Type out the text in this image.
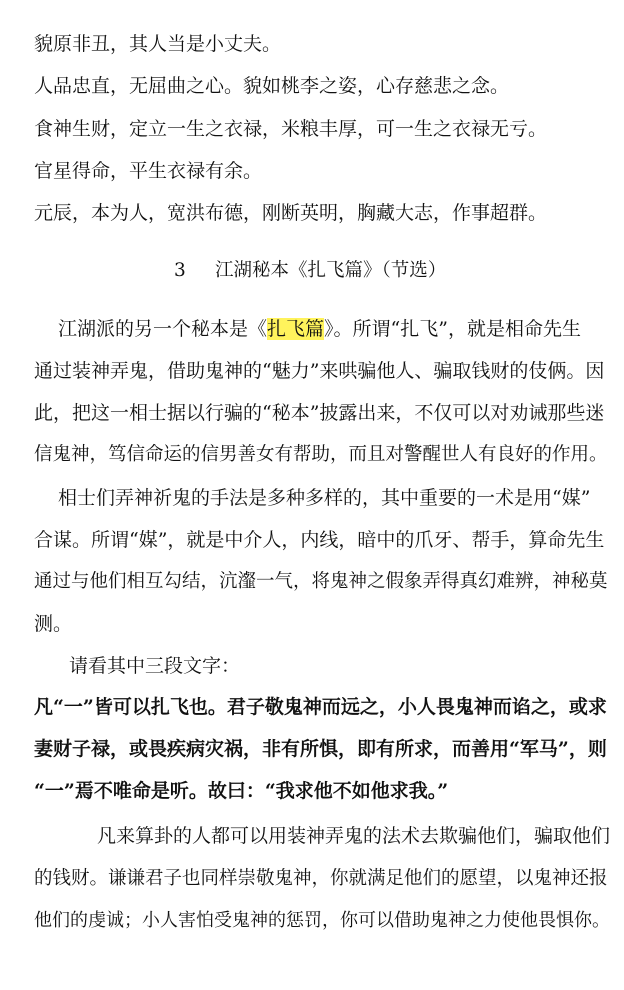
貌原非丑，其人当是小丈夫。
人品忠直，无屈曲之心。貌如桃李之姿，心存慈悲之念。
食神生财，定立一生之衣禄，米粮丰厚，可一生之衣禄无亏。
官星得命，平生衣禄有余。
元辰，本为人，宽洪布德，刚断英明，胸藏大志，作事超群。
3 江湖秘本《扎飞篇》（节选）
江湖派的另一个秘本是《扎飞篇》。所谓“扎飞”，就是相命先生
通过装神弄鬼，借助鬼神的“魅力”来哄骗他人、骗取钱财的伎俩。因
此，把这一相士据以行骗的“秘本”披露出来，不仅可以对劝诫那些迷
信鬼神，笃信命运的信男善女有帮助，而且对警醒世人有良好的作用。
相士们弄神祈鬼的手法是多种多样的，其中重要的一术是用“媒”
合谋。所谓“媒”，就是中介人，内线，暗中的爪牙、帮手，算命先生
通过与他们相互勾结，沆瀣一气，将鬼神之假象弄得真幻难辨，神秘莫
测。
请看其中三段文字：
凡“一”皆可以扎飞也。君子敬鬼神而远之，小人畏鬼神而谄之，或求
妻财子禄，或畏疾病灾祸，非有所惧，即有所求，而善用“军马”，则
“一”焉不唯命是听。故曰：“我求他不如他求我。”
凡来算卦的人都可以用装神弄鬼的法术去欺骗他们，骗取他们
的钱财。谦谦君子也同样崇敬鬼神，你就满足他们的愿望，以鬼神还报
他们的虔诚；小人害怕受鬼神的惩罚，你可以借助鬼神之力使他畏惧你。
